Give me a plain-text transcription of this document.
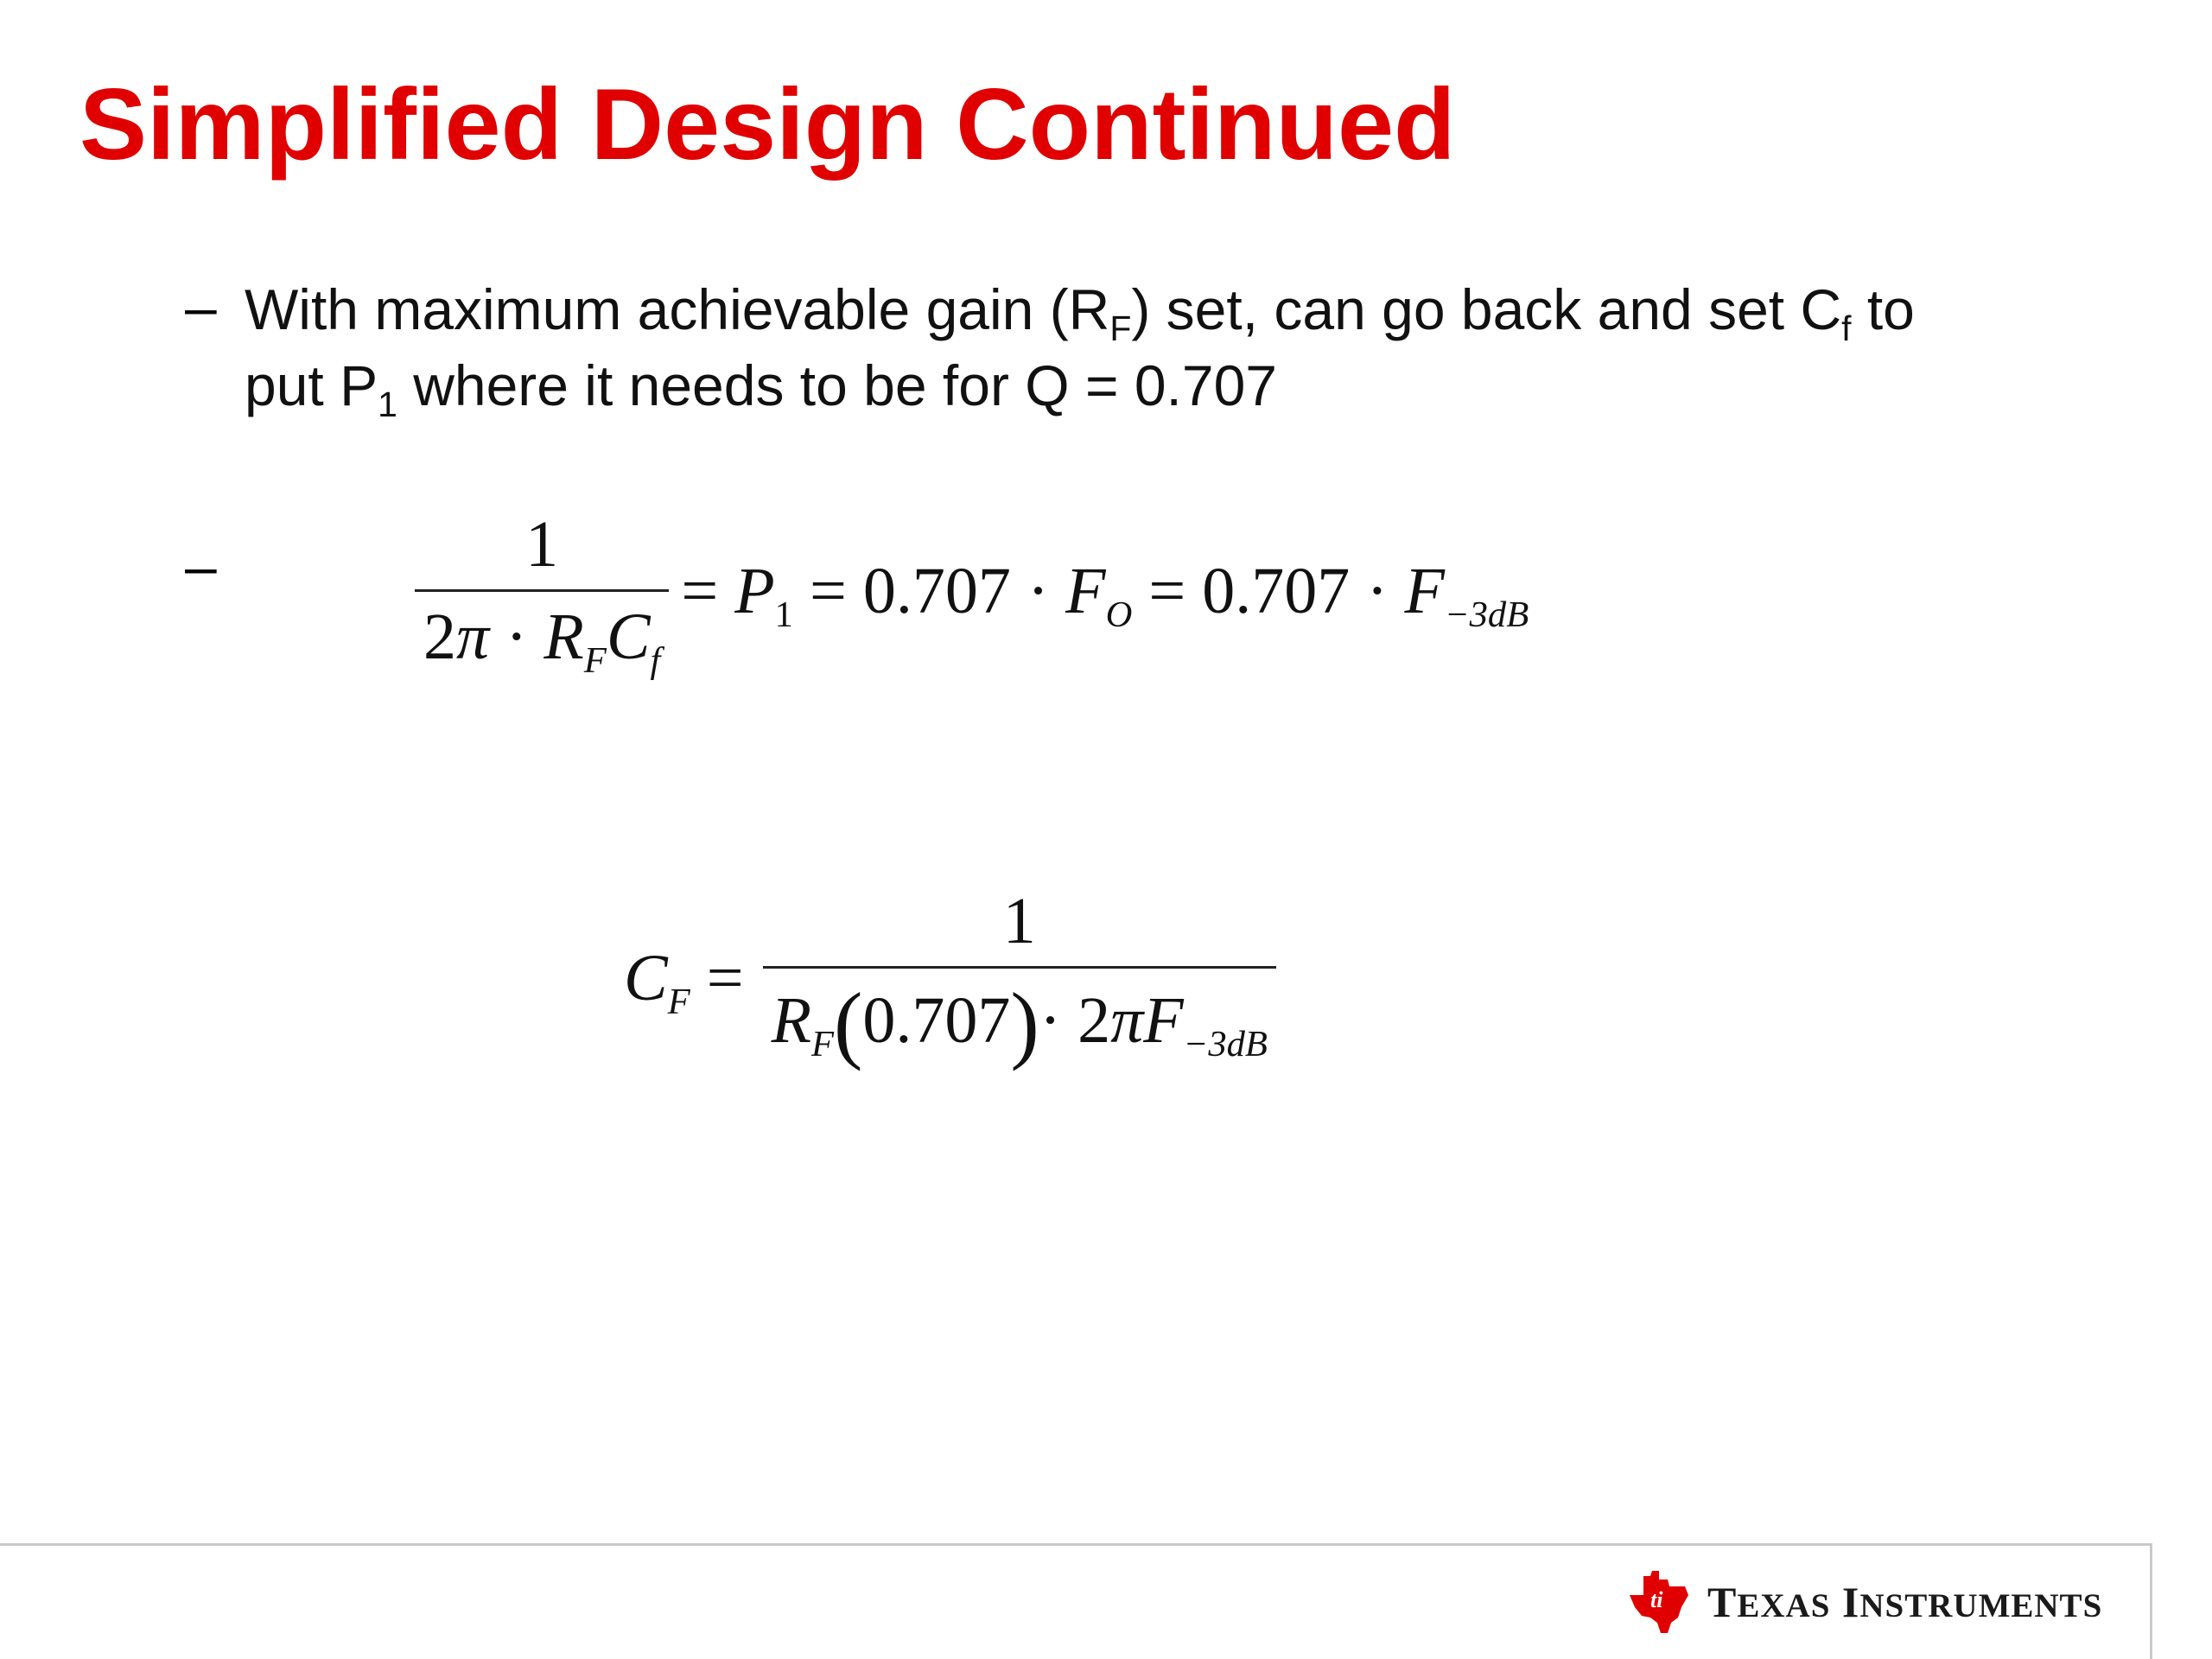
Simplified Design Continued
– With maximum achievable gain $(R_F)$ set, can go back and set $C_f$ to
put $P_1$ where it needs to be for Q = 0.707
–	$\frac{1}{2\pi \cdot R_FC_f} = P_1 = 0.707 \cdot F_O = 0.707 \cdot F_{-3dB}$
$C_F = \frac{1}{R_F(0.707)\cdot 2\pi F_{-3dB}}$
ti TEXAS INSTRUMENTS
